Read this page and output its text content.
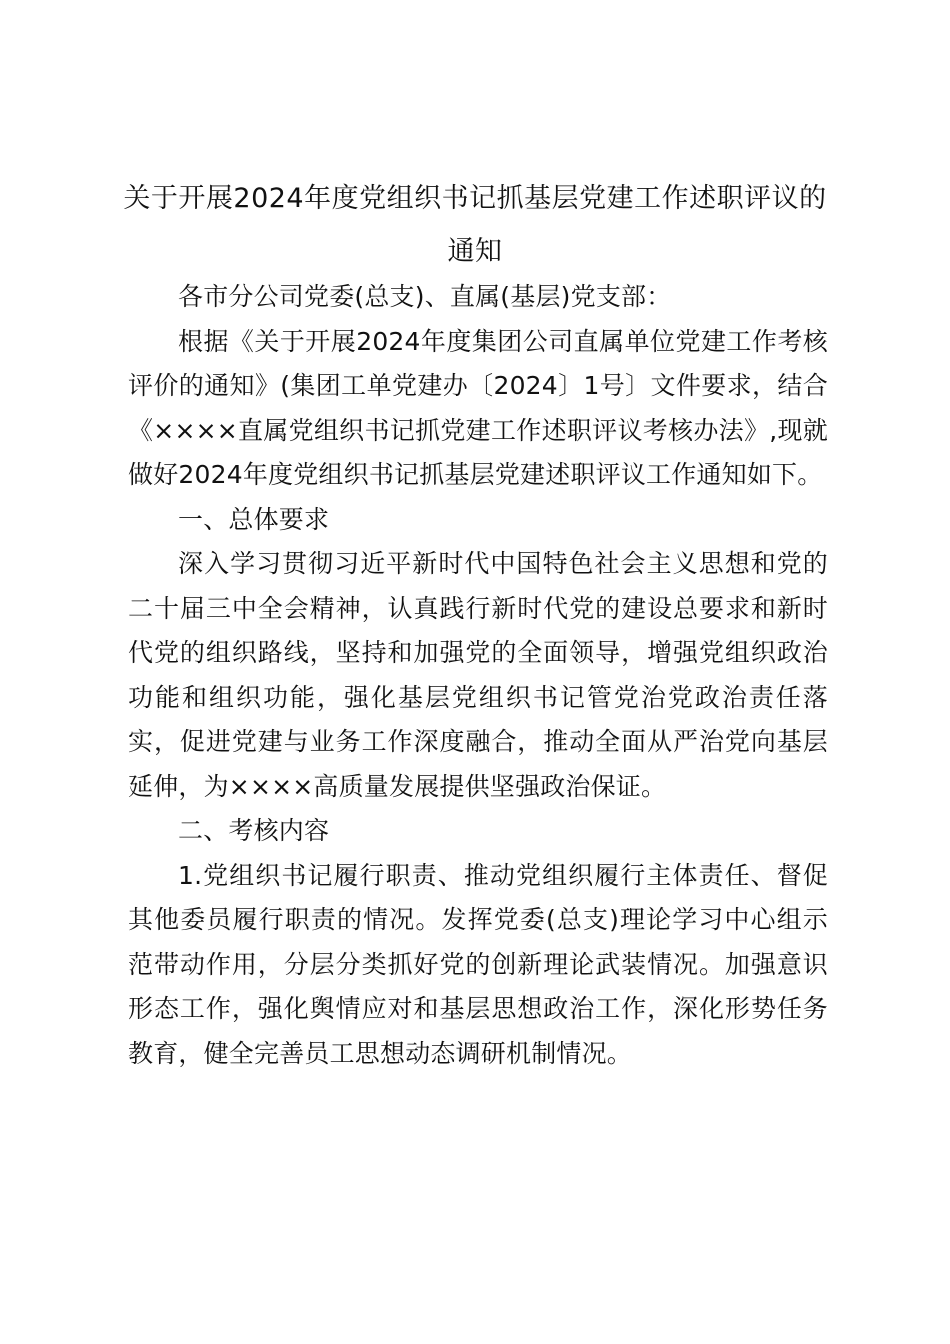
关于开展2024年度党组织书记抓基层党建工作述职评议的通知

各市分公司党委(总支)、直属(基层)党支部：

根据《关于开展2024年度集团公司直属单位党建工作考核评价的通知》(集团工单党建办〔2024〕1号〕文件要求，结合《××××直属党组织书记抓党建工作述职评议考核办法》,现就做好2024年度党组织书记抓基层党建述职评议工作通知如下。

一、总体要求

深入学习贯彻习近平新时代中国特色社会主义思想和党的二十届三中全会精神，认真践行新时代党的建设总要求和新时代党的组织路线，坚持和加强党的全面领导，增强党组织政治功能和组织功能，强化基层党组织书记管党治党政治责任落实，促进党建与业务工作深度融合，推动全面从严治党向基层延伸，为××××高质量发展提供坚强政治保证。

二、考核内容

1.党组织书记履行职责、推动党组织履行主体责任、督促其他委员履行职责的情况。发挥党委(总支)理论学习中心组示范带动作用，分层分类抓好党的创新理论武装情况。加强意识形态工作，强化舆情应对和基层思想政治工作，深化形势任务教育，健全完善员工思想动态调研机制情况。
